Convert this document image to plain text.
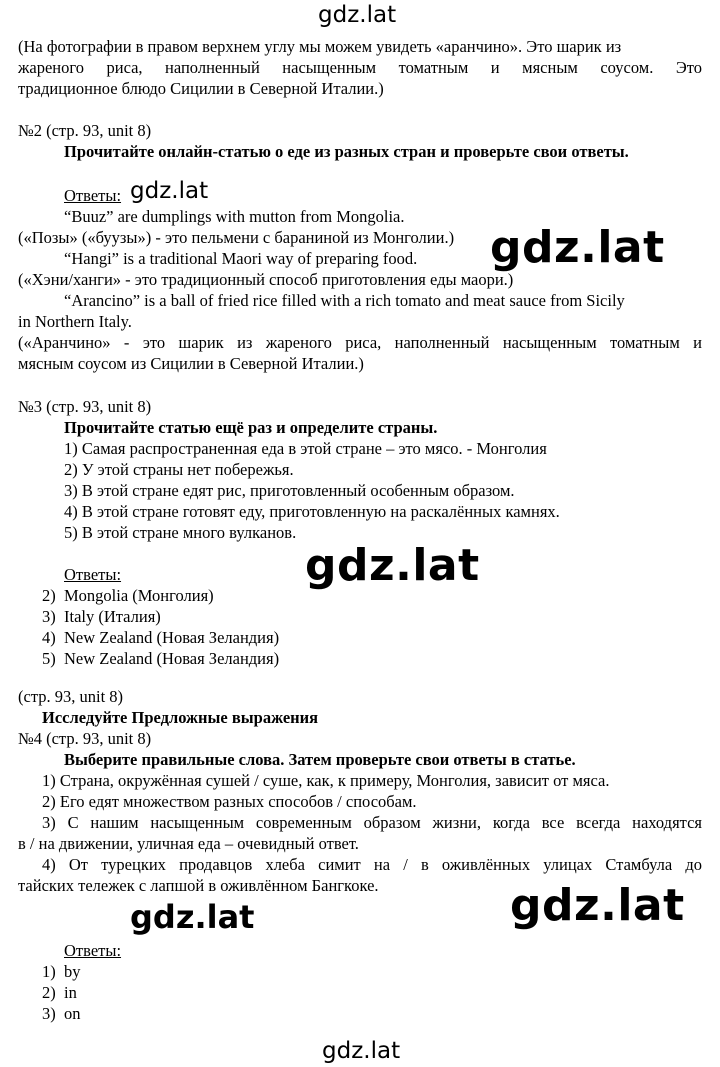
gdz.lat
gdz.lat
gdz.lat
gdz.lat
gdz.lat	gdz.lat
gdz.lat
(На фотографии в правом верхнем углу мы можем увидеть «аранчино». Это шарик из
жареного риса, наполненный насыщенным томатным и мясным соусом. Это
традиционное блюдо Сицилии в Северной Италии.)
№2 (стр. 93, unit 8)
Прочитайте онлайн-статью о еде из разных стран и проверьте свои ответы.
Ответы:
“Buuz” are dumplings with mutton from Mongolia.
(«Позы» («буузы») - это пельмени с бараниной из Монголии.)
“Hangi” is a traditional Maori way of preparing food.
(«Хэни/ханги» - это традиционный способ приготовления еды маори.)
“Arancino” is a ball of fried rice filled with a rich tomato and meat sauce from Sicily
in Northern Italy.
(«Аранчино» - это шарик из жареного риса, наполненный насыщенным томатным и
мясным соусом из Сицилии в Северной Италии.)
№3 (стр. 93, unit 8)
Прочитайте статью ещё раз и определите страны.
1) Самая распространенная еда в этой стране – это мясо. - Монголия
2) У этой страны нет побережья.
3) В этой стране едят рис, приготовленный особенным образом.
4) В этой стране готовят еду, приготовленную на раскалённых камнях.
5) В этой стране много вулканов.
Ответы:
2) Mongolia (Монголия)
3) Italy (Италия)
4) New Zealand (Новая Зеландия)
5) New Zealand (Новая Зеландия)
(стр. 93, unit 8)
Исследуйте Предложные выражения
№4 (стр. 93, unit 8)
Выберите правильные слова. Затем проверьте свои ответы в статье.
1) Страна, окружённая сушей / суше, как, к примеру, Монголия, зависит от мяса.
2) Его едят множеством разных способов / способам.
3) С нашим насыщенным современным образом жизни, когда все всегда находятся
в / на движении, уличная еда – очевидный ответ.
4) От турецких продавцов хлеба симит на / в оживлённых улицах Стамбула до
тайских тележек с лапшой в оживлённом Бангкоке.
Ответы:
1) by
2) in
3) on
